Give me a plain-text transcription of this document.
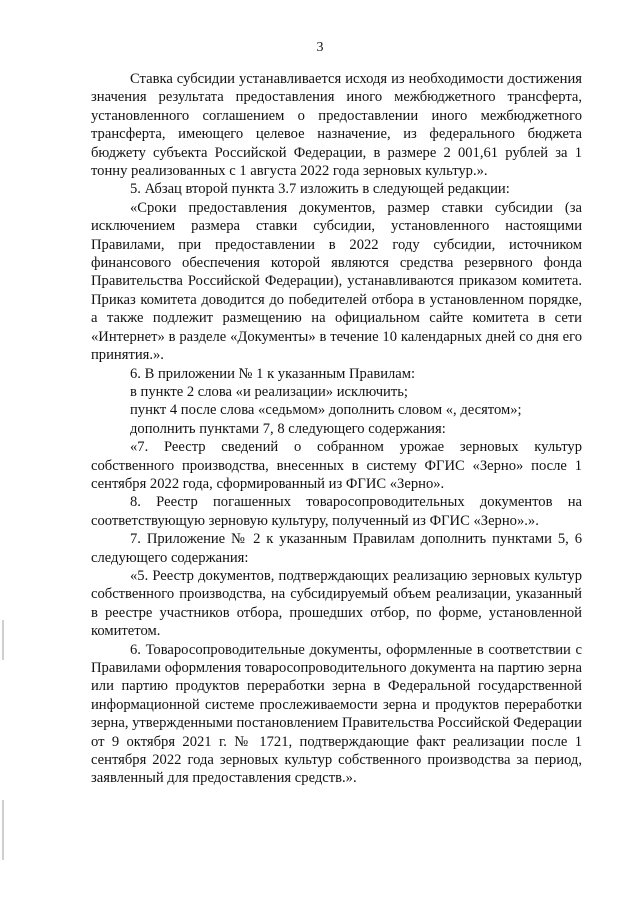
3

Ставка субсидии устанавливается исходя из необходимости достижения значения результата предоставления иного межбюджетного трансферта, установленного соглашением о предоставлении иного межбюджетного трансферта, имеющего целевое назначение, из федерального бюджета бюджету субъекта Российской Федерации, в размере 2 001,61 рублей за 1 тонну реализованных с 1 августа 2022 года зерновых культур.».

5. Абзац второй пункта 3.7 изложить в следующей редакции:

«Сроки предоставления документов, размер ставки субсидии (за исключением размера ставки субсидии, установленного настоящими Правилами, при предоставлении в 2022 году субсидии, источником финансового обеспечения которой являются средства резервного фонда Правительства Российской Федерации), устанавливаются приказом комитета. Приказ комитета доводится до победителей отбора в установленном порядке, а также подлежит размещению на официальном сайте комитета в сети «Интернет» в разделе «Документы» в течение 10 календарных дней со дня его принятия.».

6. В приложении № 1 к указанным Правилам:

в пункте 2 слова «и реализации» исключить;

пункт 4 после слова «седьмом» дополнить словом «, десятом»;

дополнить пунктами 7, 8 следующего содержания:

«7. Реестр сведений о собранном урожае зерновых культур собственного производства, внесенных в систему ФГИС «Зерно» после 1 сентября 2022 года, сформированный из ФГИС «Зерно».

8. Реестр погашенных товаросопроводительных документов на соответствующую зерновую культуру, полученный из ФГИС «Зерно».».

7. Приложение № 2 к указанным Правилам дополнить пунктами 5, 6 следующего содержания:

«5. Реестр документов, подтверждающих реализацию зерновых культур собственного производства, на субсидируемый объем реализации, указанный в реестре участников отбора, прошедших отбор, по форме, установленной комитетом.

6. Товаросопроводительные документы, оформленные в соответствии с Правилами оформления товаросопроводительного документа на партию зерна или партию продуктов переработки зерна в Федеральной государственной информационной системе прослеживаемости зерна и продуктов переработки зерна, утвержденными постановлением Правительства Российской Федерации от 9 октября 2021 г. № 1721, подтверждающие факт реализации после 1 сентября 2022 года зерновых культур собственного производства за период, заявленный для предоставления средств.».
